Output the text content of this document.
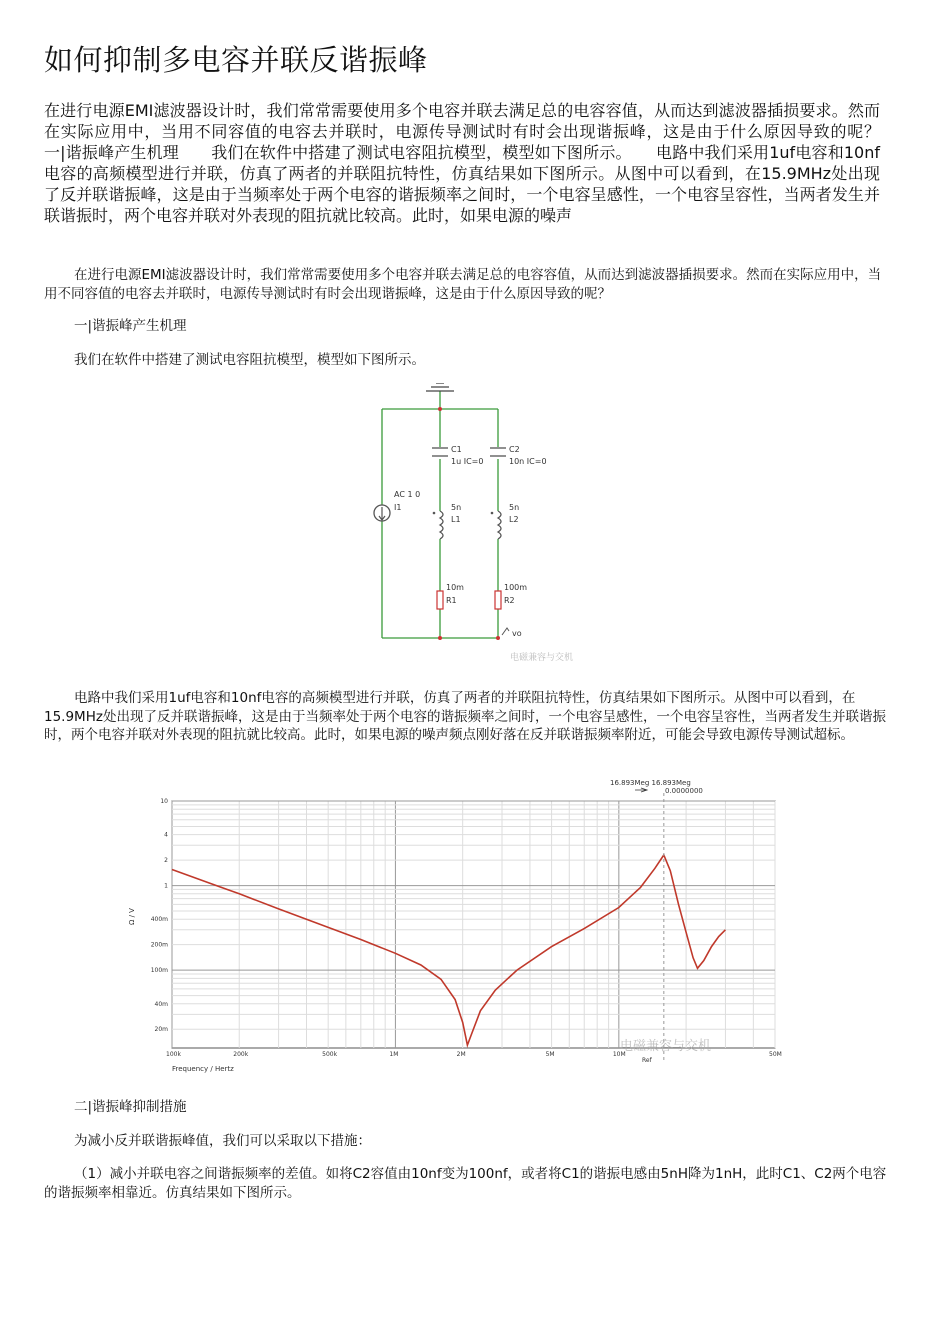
如何抑制多电容并联反谐振峰

在进行电源EMI滤波器设计时，我们常常需要使用多个电容并联去满足总的电容容值，从而达到滤波器插损要求。然而在实际应用中，当用不同容值的电容去并联时，电源传导测试时有时会出现谐振峰，这是由于什么原因导致的呢？　　一|谐振峰产生机理　　我们在软件中搭建了测试电容阻抗模型，模型如下图所示。　　电路中我们采用1uf电容和10nf电容的高频模型进行并联，仿真了两者的并联阻抗特性，仿真结果如下图所示。从图中可以看到，在15.9MHz处出现了反并联谐振峰，这是由于当频率处于两个电容的谐振频率之间时，一个电容呈感性，一个电容呈容性，当两者发生并联谐振时，两个电容并联对外表现的阻抗就比较高。此时，如果电源的噪声

在进行电源EMI滤波器设计时，我们常常需要使用多个电容并联去满足总的电容容值，从而达到滤波器插损要求。然而在实际应用中，当用不同容值的电容去并联时，电源传导测试时有时会出现谐振峰，这是由于什么原因导致的呢？

一|谐振峰产生机理

我们在软件中搭建了测试电容阻抗模型，模型如下图所示。

AC 1 0
I1
C1
1u IC=0
C2
10n IC=0
5n
L1
5n
L2
10m
R1
100m
R2
vo
电磁兼容与交机

电路中我们采用1uf电容和10nf电容的高频模型进行并联，仿真了两者的并联阻抗特性，仿真结果如下图所示。从图中可以看到，在15.9MHz处出现了反并联谐振峰，这是由于当频率处于两个电容的谐振频率之间时，一个电容呈感性，一个电容呈容性，当两者发生并联谐振时，两个电容并联对外表现的阻抗就比较高。此时，如果电源的噪声频点刚好落在反并联谐振频率附近，可能会导致电源传导测试超标。

100k	200k	500k	1M	2M	5M	10M	50M
10
4
2
1
400m
200m
100m
40m
20m
16.893Meg 16.893Meg
0.0000000
Frequency / Hertz
Ω / V
Ref
电磁兼容与交机

二|谐振峰抑制措施

为减小反并联谐振峰值，我们可以采取以下措施：

（1）减小并联电容之间谐振频率的差值。如将C2容值由10nf变为100nf，或者将C1的谐振电感由5nH降为1nH，此时C1、C2两个电容的谐振频率相靠近。仿真结果如下图所示。
